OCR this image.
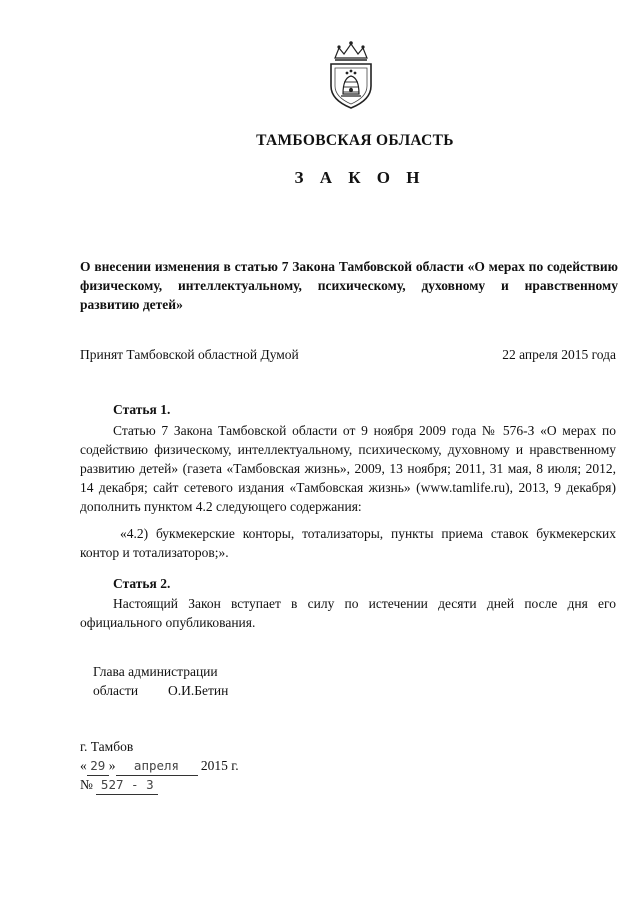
ТАМБОВСКАЯ ОБЛАСТЬ
З А К О Н
О внесении изменения в статью 7 Закона Тамбовской области «О мерах по содействию физическому, интеллектуальному, психическому, духовному и нравственному развитию детей»
Принят Тамбовской областной Думой	22 апреля 2015 года
Статья 1.
Статью 7 Закона Тамбовской области от 9 ноября 2009 года № 576-З «О мерах по содействию физическому, интеллектуальному, психическому, духовному и нравственному развитию детей» (газета «Тамбовская жизнь», 2009, 13 ноября; 2011, 31 мая, 8 июля; 2012, 14 декабря; сайт сетевого издания «Тамбовская жизнь» (www.tamlife.ru), 2013, 9 декабря) дополнить пунктом 4.2 следующего содержания:
«4.2) букмекерские конторы, тотализаторы, пункты приема ставок букмекерских контор и тотализаторов;».
Статья 2.
Настоящий Закон вступает в силу по истечении десяти дней после дня его официального опубликования.
Глава администрации
области О.И.Бетин
г. Тамбов
« 29 » апреля 2015 г.
№ 527 - З
